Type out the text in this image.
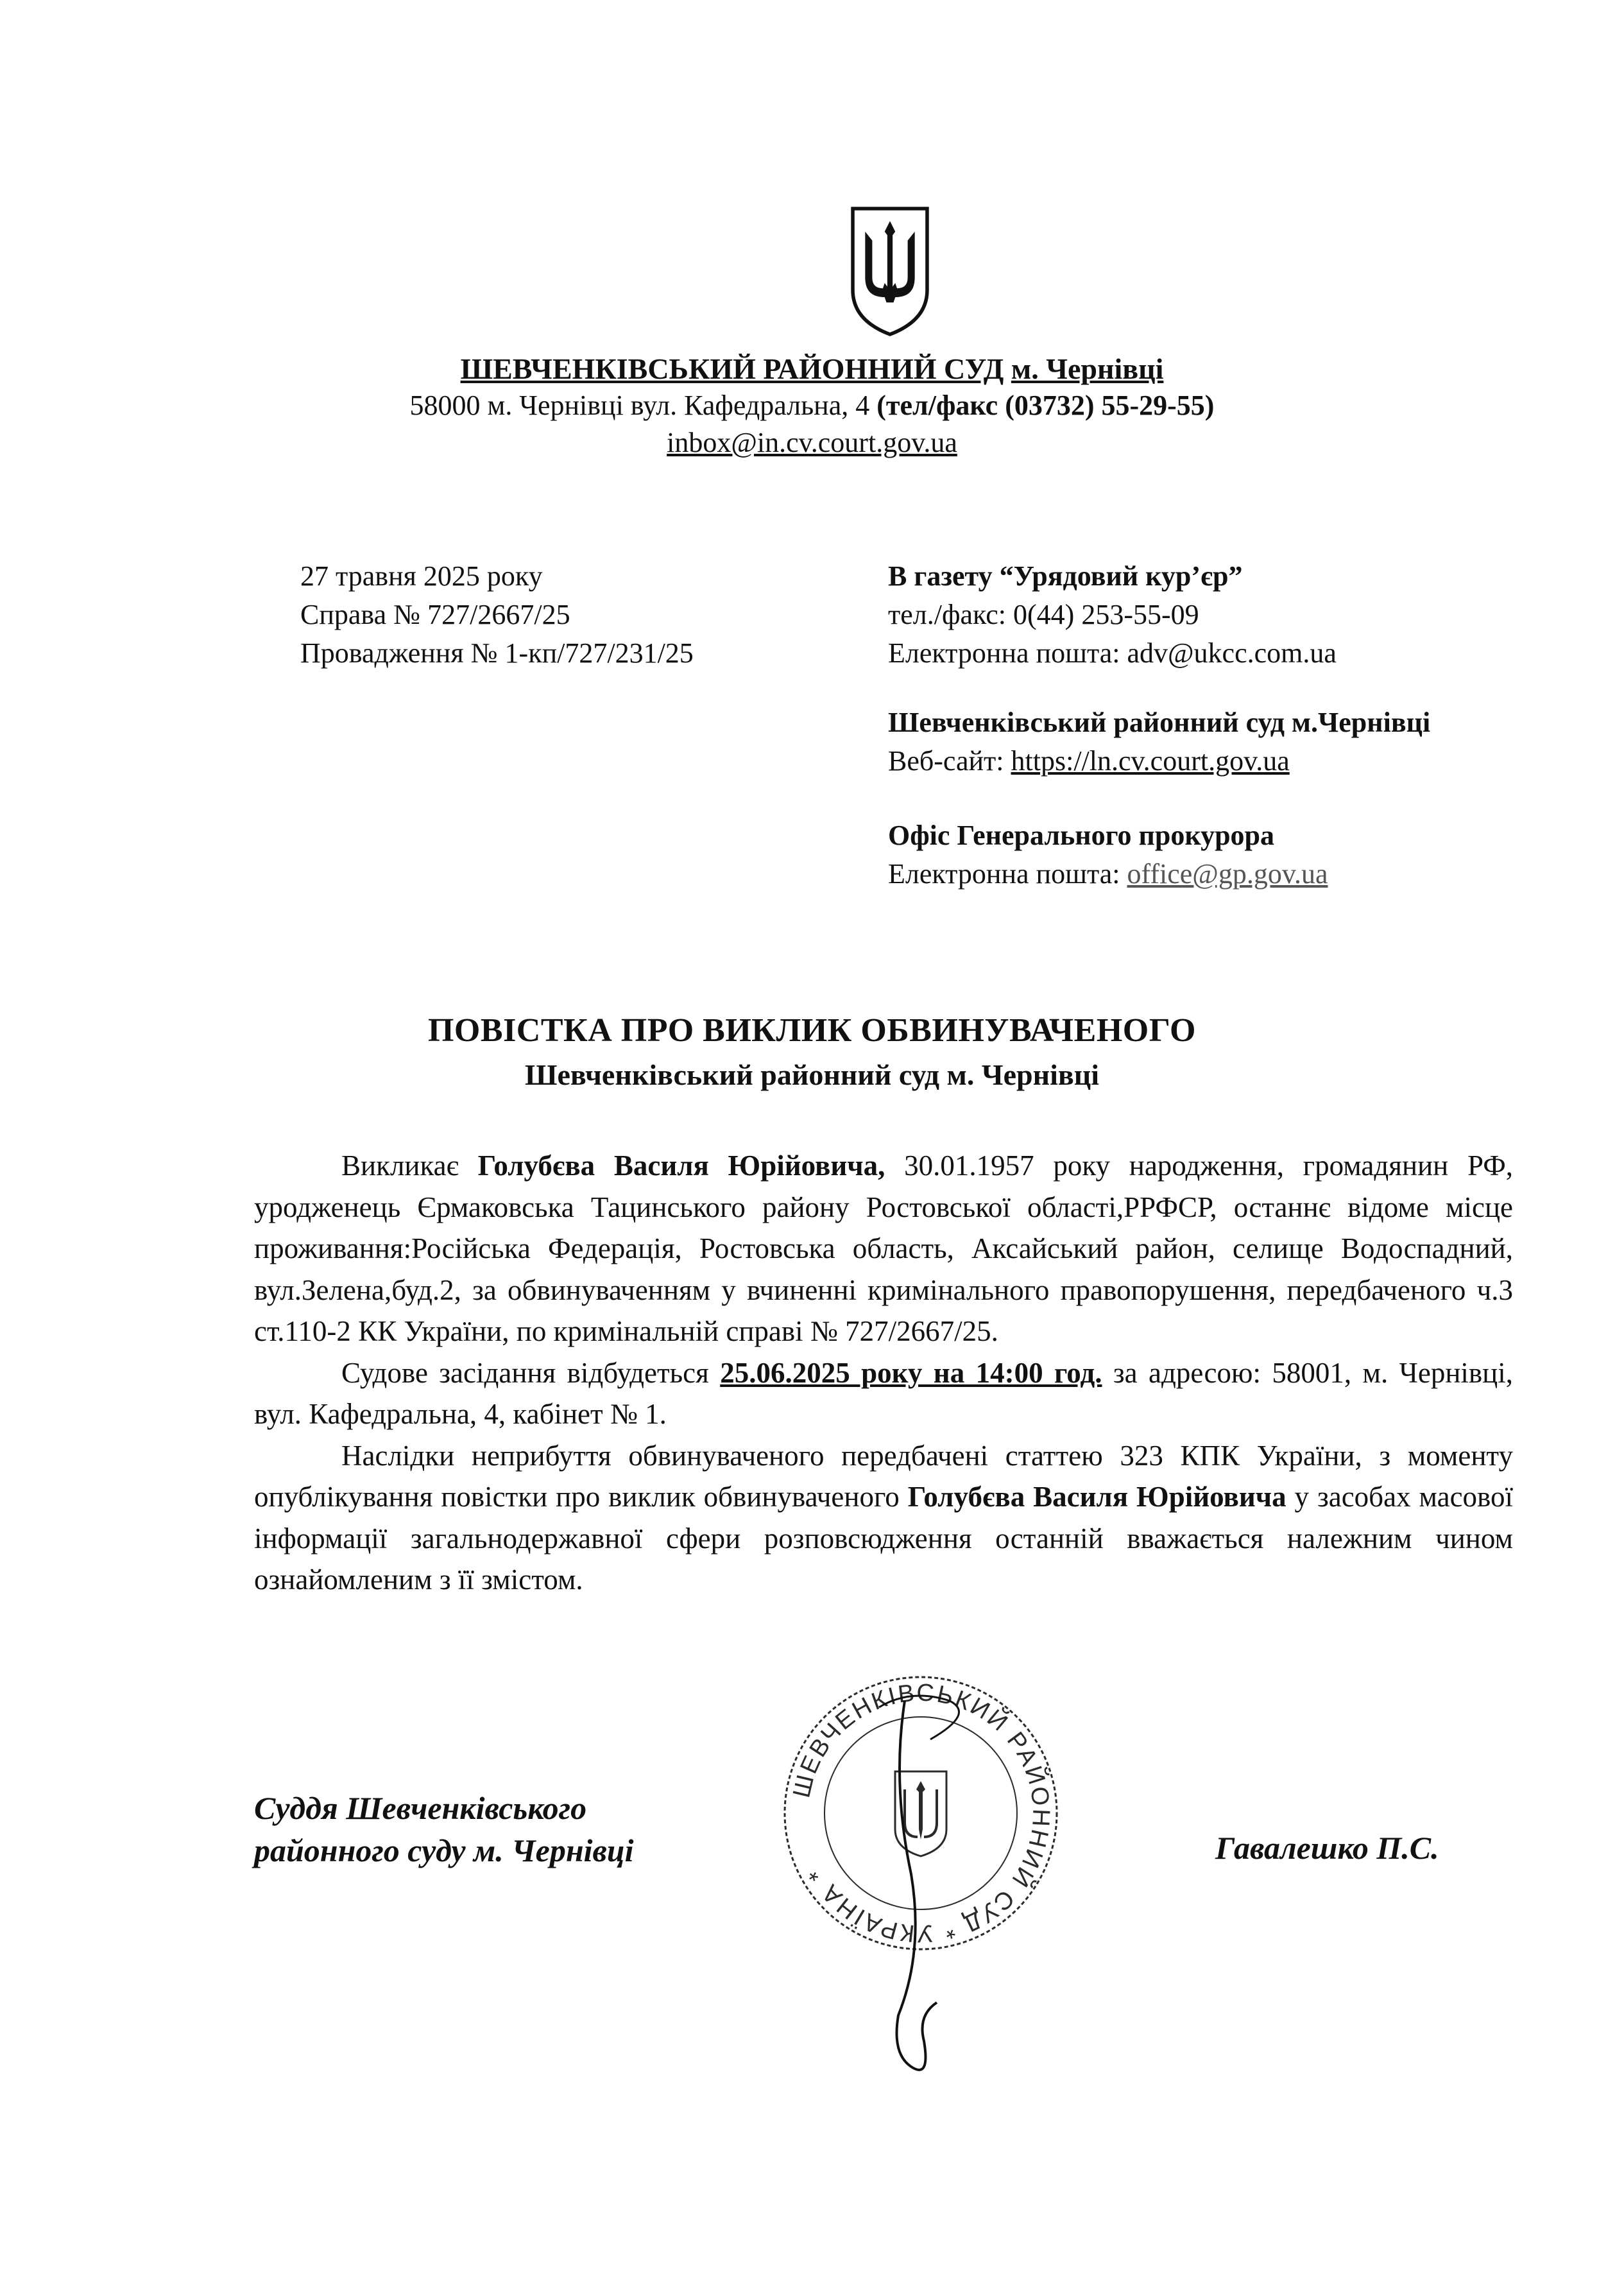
ШЕВЧЕНКІВСЬКИЙ РАЙОННИЙ СУД м. Чернівці
58000 м. Чернівці вул. Кафедральна, 4 (тел/факс (03732) 55-29-55)
inbox@in.cv.court.gov.ua
27 травня 2025 року
Справа № 727/2667/25
Провадження № 1-кп/727/231/25
В газету “Урядовий кур’єр”
тел./факс: 0(44) 253-55-09
Електронна пошта: adv@ukcc.com.ua
Шевченківський районний суд м.Чернівці
Веб-сайт: https://ln.cv.court.gov.ua
Офіс Генерального прокурора
Електронна пошта: office@gp.gov.ua
ПОВІСТКА ПРО ВИКЛИК ОБВИНУВАЧЕНОГО
Шевченківський районний суд м. Чернівці

Викликає Голубєва Василя Юрійовича, 30.01.1957 року народження, громадянин РФ, уродженець Єрмаковська Тацинського району Ростовської області,РРФСР, останнє відоме місце проживання:Російська Федерація, Ростовська область, Аксайський район, селище Водоспадний, вул.Зелена,буд.2, за обвинуваченням у вчиненні кримінального правопорушення, передбаченого ч.3 ст.110-2 КК України, по кримінальній справі № 727/2667/25.

Судове засідання відбудеться 25.06.2025 року на 14:00 год. за адресою: 58001, м. Чернівці, вул. Кафедральна, 4, кабінет № 1.

Наслідки неприбуття обвинуваченого передбачені статтею 323 КПК України, з моменту опублікування повістки про виклик обвинуваченого Голубєва Василя Юрійовича у засобах масової інформації загальнодержавної сфери розповсюдження останній вважається належним чином ознайомленим з її змістом.

ШЕВЧЕНКІВСЬКИЙ РАЙОННИЙ СУД * УКРАЇНА *
Суддя Шевченківського
районного суду м. Чернівці	Гавалешко П.С.
